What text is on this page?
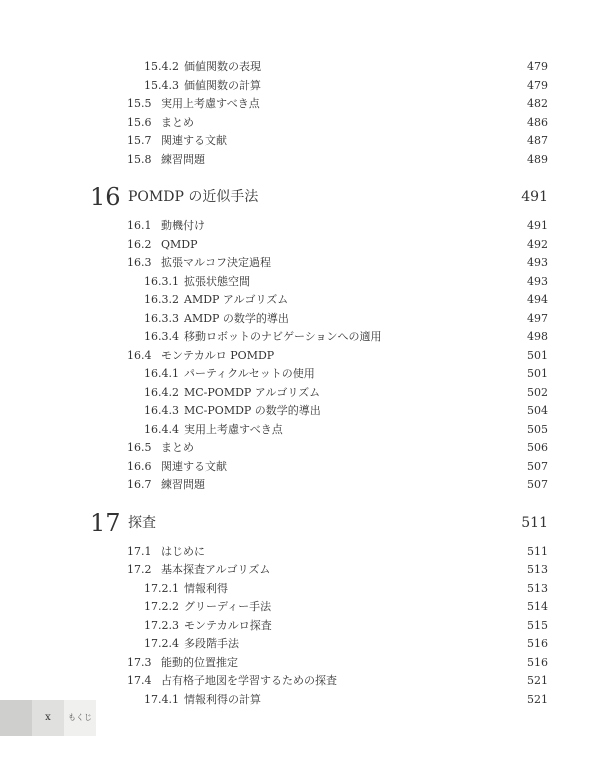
15.4.2 価値関数の表現	479
15.4.3 価値関数の計算	479
15.5 実用上考慮すべき点	482
15.6 まとめ	486
15.7 関連する文献	487
15.8 練習問題	489
16 POMDP の近似手法	491
16.1 動機付け	491
16.2 QMDP	492
16.3 拡張マルコフ決定過程	493
16.3.1 拡張状態空間	493
16.3.2 AMDP アルゴリズム	494
16.3.3 AMDP の数学的導出	497
16.3.4 移動ロボットのナビゲーションへの適用	498
16.4 モンテカルロ POMDP	501
16.4.1 パーティクルセットの使用	501
16.4.2 MC-POMDP アルゴリズム	502
16.4.3 MC-POMDP の数学的導出	504
16.4.4 実用上考慮すべき点	505
16.5 まとめ	506
16.6 関連する文献	507
16.7 練習問題	507
17 探査	511
17.1 はじめに	511
17.2 基本探査アルゴリズム	513
17.2.1 情報利得	513
17.2.2 グリーディー手法	514
17.2.3 モンテカルロ探査	515
17.2.4 多段階手法	516
17.3 能動的位置推定	516
17.4 占有格子地図を学習するための探査	521
17.4.1 情報利得の計算	521
x	もくじ
